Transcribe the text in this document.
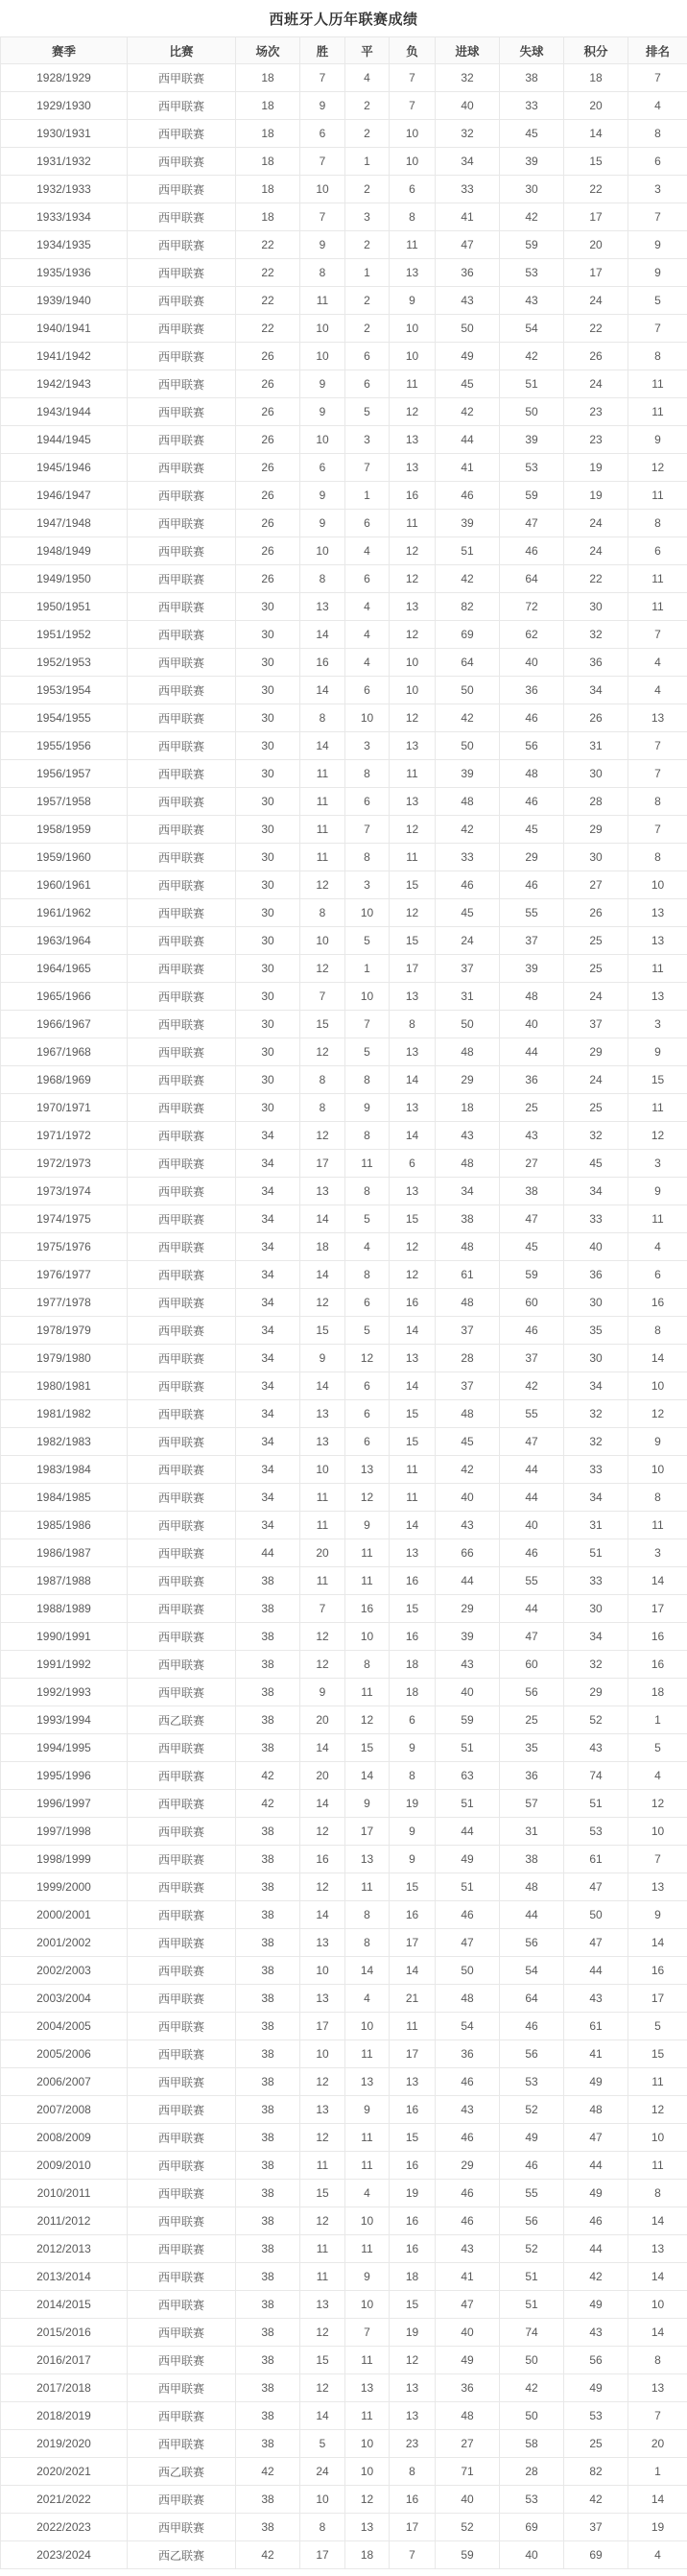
西班牙人历年联赛成绩
赛季	比赛	场次	胜	平	负	进球	失球	积分	排名
1928/1929	西甲联赛	18	7	4	7	32	38	18	7
1929/1930	西甲联赛	18	9	2	7	40	33	20	4
1930/1931	西甲联赛	18	6	2	10	32	45	14	8
1931/1932	西甲联赛	18	7	1	10	34	39	15	6
1932/1933	西甲联赛	18	10	2	6	33	30	22	3
1933/1934	西甲联赛	18	7	3	8	41	42	17	7
1934/1935	西甲联赛	22	9	2	11	47	59	20	9
1935/1936	西甲联赛	22	8	1	13	36	53	17	9
1939/1940	西甲联赛	22	11	2	9	43	43	24	5
1940/1941	西甲联赛	22	10	2	10	50	54	22	7
1941/1942	西甲联赛	26	10	6	10	49	42	26	8
1942/1943	西甲联赛	26	9	6	11	45	51	24	11
1943/1944	西甲联赛	26	9	5	12	42	50	23	11
1944/1945	西甲联赛	26	10	3	13	44	39	23	9
1945/1946	西甲联赛	26	6	7	13	41	53	19	12
1946/1947	西甲联赛	26	9	1	16	46	59	19	11
1947/1948	西甲联赛	26	9	6	11	39	47	24	8
1948/1949	西甲联赛	26	10	4	12	51	46	24	6
1949/1950	西甲联赛	26	8	6	12	42	64	22	11
1950/1951	西甲联赛	30	13	4	13	82	72	30	11
1951/1952	西甲联赛	30	14	4	12	69	62	32	7
1952/1953	西甲联赛	30	16	4	10	64	40	36	4
1953/1954	西甲联赛	30	14	6	10	50	36	34	4
1954/1955	西甲联赛	30	8	10	12	42	46	26	13
1955/1956	西甲联赛	30	14	3	13	50	56	31	7
1956/1957	西甲联赛	30	11	8	11	39	48	30	7
1957/1958	西甲联赛	30	11	6	13	48	46	28	8
1958/1959	西甲联赛	30	11	7	12	42	45	29	7
1959/1960	西甲联赛	30	11	8	11	33	29	30	8
1960/1961	西甲联赛	30	12	3	15	46	46	27	10
1961/1962	西甲联赛	30	8	10	12	45	55	26	13
1963/1964	西甲联赛	30	10	5	15	24	37	25	13
1964/1965	西甲联赛	30	12	1	17	37	39	25	11
1965/1966	西甲联赛	30	7	10	13	31	48	24	13
1966/1967	西甲联赛	30	15	7	8	50	40	37	3
1967/1968	西甲联赛	30	12	5	13	48	44	29	9
1968/1969	西甲联赛	30	8	8	14	29	36	24	15
1970/1971	西甲联赛	30	8	9	13	18	25	25	11
1971/1972	西甲联赛	34	12	8	14	43	43	32	12
1972/1973	西甲联赛	34	17	11	6	48	27	45	3
1973/1974	西甲联赛	34	13	8	13	34	38	34	9
1974/1975	西甲联赛	34	14	5	15	38	47	33	11
1975/1976	西甲联赛	34	18	4	12	48	45	40	4
1976/1977	西甲联赛	34	14	8	12	61	59	36	6
1977/1978	西甲联赛	34	12	6	16	48	60	30	16
1978/1979	西甲联赛	34	15	5	14	37	46	35	8
1979/1980	西甲联赛	34	9	12	13	28	37	30	14
1980/1981	西甲联赛	34	14	6	14	37	42	34	10
1981/1982	西甲联赛	34	13	6	15	48	55	32	12
1982/1983	西甲联赛	34	13	6	15	45	47	32	9
1983/1984	西甲联赛	34	10	13	11	42	44	33	10
1984/1985	西甲联赛	34	11	12	11	40	44	34	8
1985/1986	西甲联赛	34	11	9	14	43	40	31	11
1986/1987	西甲联赛	44	20	11	13	66	46	51	3
1987/1988	西甲联赛	38	11	11	16	44	55	33	14
1988/1989	西甲联赛	38	7	16	15	29	44	30	17
1990/1991	西甲联赛	38	12	10	16	39	47	34	16
1991/1992	西甲联赛	38	12	8	18	43	60	32	16
1992/1993	西甲联赛	38	9	11	18	40	56	29	18
1993/1994	西乙联赛	38	20	12	6	59	25	52	1
1994/1995	西甲联赛	38	14	15	9	51	35	43	5
1995/1996	西甲联赛	42	20	14	8	63	36	74	4
1996/1997	西甲联赛	42	14	9	19	51	57	51	12
1997/1998	西甲联赛	38	12	17	9	44	31	53	10
1998/1999	西甲联赛	38	16	13	9	49	38	61	7
1999/2000	西甲联赛	38	12	11	15	51	48	47	13
2000/2001	西甲联赛	38	14	8	16	46	44	50	9
2001/2002	西甲联赛	38	13	8	17	47	56	47	14
2002/2003	西甲联赛	38	10	14	14	50	54	44	16
2003/2004	西甲联赛	38	13	4	21	48	64	43	17
2004/2005	西甲联赛	38	17	10	11	54	46	61	5
2005/2006	西甲联赛	38	10	11	17	36	56	41	15
2006/2007	西甲联赛	38	12	13	13	46	53	49	11
2007/2008	西甲联赛	38	13	9	16	43	52	48	12
2008/2009	西甲联赛	38	12	11	15	46	49	47	10
2009/2010	西甲联赛	38	11	11	16	29	46	44	11
2010/2011	西甲联赛	38	15	4	19	46	55	49	8
2011/2012	西甲联赛	38	12	10	16	46	56	46	14
2012/2013	西甲联赛	38	11	11	16	43	52	44	13
2013/2014	西甲联赛	38	11	9	18	41	51	42	14
2014/2015	西甲联赛	38	13	10	15	47	51	49	10
2015/2016	西甲联赛	38	12	7	19	40	74	43	14
2016/2017	西甲联赛	38	15	11	12	49	50	56	8
2017/2018	西甲联赛	38	12	13	13	36	42	49	13
2018/2019	西甲联赛	38	14	11	13	48	50	53	7
2019/2020	西甲联赛	38	5	10	23	27	58	25	20
2020/2021	西乙联赛	42	24	10	8	71	28	82	1
2021/2022	西甲联赛	38	10	12	16	40	53	42	14
2022/2023	西甲联赛	38	8	13	17	52	69	37	19
2023/2024	西乙联赛	42	17	18	7	59	40	69	4
